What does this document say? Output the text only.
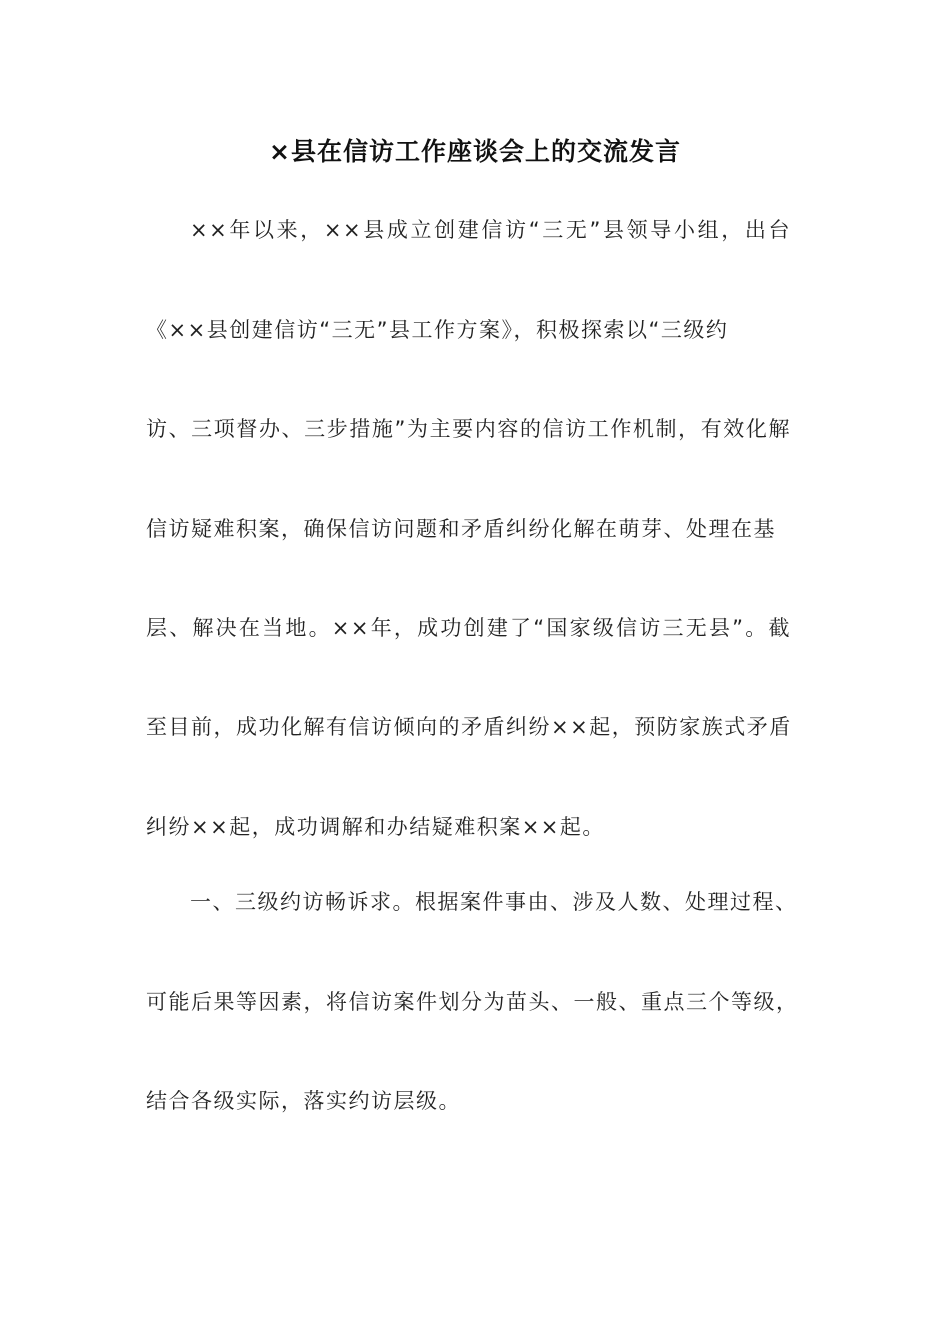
×县在信访工作座谈会上的交流发言
××年以来，××县成立创建信访“三无”县领导小组，出台
《××县创建信访“三无”县工作方案》，积极探索以“三级约
访、三项督办、三步措施”为主要内容的信访工作机制，有效化解
信访疑难积案，确保信访问题和矛盾纠纷化解在萌芽、处理在基
层、解决在当地。××年，成功创建了“国家级信访三无县”。截
至目前，成功化解有信访倾向的矛盾纠纷××起，预防家族式矛盾
纠纷××起，成功调解和办结疑难积案××起。
一、三级约访畅诉求。根据案件事由、涉及人数、处理过程、
可能后果等因素，将信访案件划分为苗头、一般、重点三个等级，
结合各级实际，落实约访层级。
